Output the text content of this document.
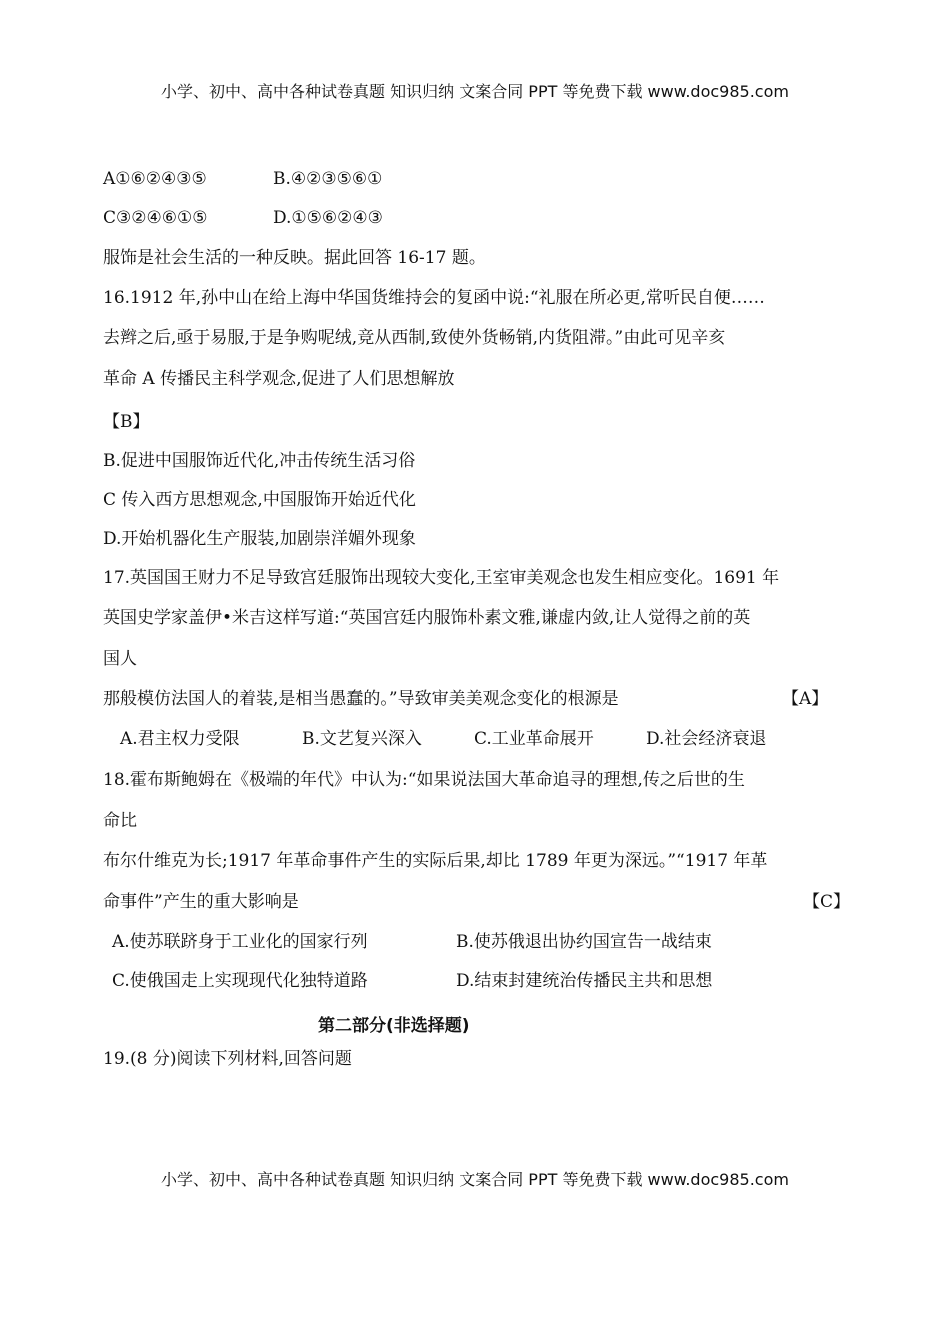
小学、初中、高中各种试卷真题 知识归纳 文案合同 PPT 等免费下载 www.doc985.com
A①⑥②④③⑤	B.④②③⑤⑥①
C③②④⑥①⑤	D.①⑤⑥②④③
服饰是社会生活的一种反映。据此回答 16-17 题。
16.1912 年,孙中山在给上海中华国货维持会的复函中说:“礼服在所必更,常听民自便……
去辫之后,亟于易服,于是争购呢绒,竞从西制,致使外货畅销,内货阻滞。”由此可见辛亥
革命 A 传播民主科学观念,促进了人们思想解放
【B】
B.促进中国服饰近代化,冲击传统生活习俗
C 传入西方思想观念,中国服饰开始近代化
D.开始机器化生产服装,加剧崇洋媚外现象
17.英国国王财力不足导致宫廷服饰出现较大变化,王室审美观念也发生相应变化。1691 年
英国史学家盖伊•米吉这样写道:“英国宫廷内服饰朴素文雅,谦虚内敛,让人觉得之前的英
国人
那般模仿法国人的着装,是相当愚蠢的。”导致审美美观念变化的根源是	【A】
A.君主权力受限	B.文艺复兴深入	C.工业革命展开	D.社会经济衰退
18.霍布斯鲍姆在《极端的年代》中认为:“如果说法国大革命追寻的理想,传之后世的生
命比
布尔什维克为长;1917 年革命事件产生的实际后果,却比 1789 年更为深远。”“1917 年革
命事件”产生的重大影响是	【C】
A.使苏联跻身于工业化的国家行列	B.使苏俄退出协约国宣告一战结束
C.使俄国走上实现现代化独特道路	D.结束封建统治传播民主共和思想
第二部分(非选择题)
19.(8 分)阅读下列材料,回答问题
小学、初中、高中各种试卷真题 知识归纳 文案合同 PPT 等免费下载 www.doc985.com
